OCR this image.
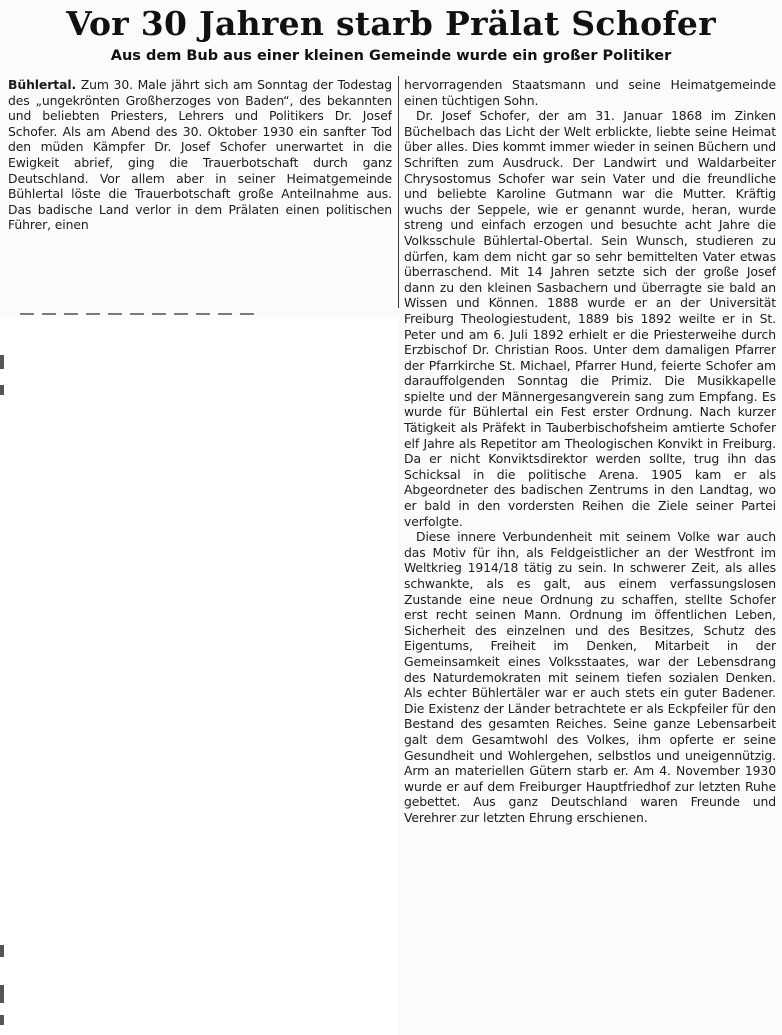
Vor 30 Jahren starb Prälat Schofer
Aus dem Bub aus einer kleinen Gemeinde wurde ein großer Politiker

Bühlertal. Zum 30. Male jährt sich am Sonntag der Todestag des „ungekrönten Großherzoges von Baden“, des bekannten und beliebten Priesters, Lehrers und Politikers Dr. Josef Schofer. Als am Abend des 30. Oktober 1930 ein sanfter Tod den müden Kämpfer Dr. Josef Schofer unerwartet in die Ewigkeit abrief, ging die Trauerbotschaft durch ganz Deutschland. Vor allem aber in seiner Heimatgemeinde Bühlertal löste die Trauerbotschaft große Anteilnahme aus. Das badische Land verlor in dem Prälaten einen politischen Führer, einen

hervorragenden Staatsmann und seine Heimatgemeinde einen tüchtigen Sohn.

Dr. Josef Schofer, der am 31. Januar 1868 im Zinken Büchelbach das Licht der Welt erblickte, liebte seine Heimat über alles. Dies kommt immer wieder in seinen Büchern und Schriften zum Ausdruck. Der Landwirt und Waldarbeiter Chrysostomus Schofer war sein Vater und die freundliche und beliebte Karoline Gutmann war die Mutter. Kräftig wuchs der Seppele, wie er genannt wurde, heran, wurde streng und einfach erzogen und besuchte acht Jahre die Volksschule Bühlertal-Obertal. Sein Wunsch, studieren zu dürfen, kam dem nicht gar so sehr bemittelten Vater etwas überraschend. Mit 14 Jahren setzte sich der große Josef dann zu den kleinen Sasbachern und überragte sie bald an Wissen und Können. 1888 wurde er an der Universität Freiburg Theologiestudent, 1889 bis 1892 weilte er in St. Peter und am 6. Juli 1892 erhielt er die Priesterweihe durch Erzbischof Dr. Christian Roos. Unter dem damaligen Pfarrer der Pfarrkirche St. Michael, Pfarrer Hund, feierte Schofer am darauffolgenden Sonntag die Primiz. Die Musikkapelle spielte und der Männergesangverein sang zum Empfang. Es wurde für Bühlertal ein Fest erster Ordnung. Nach kurzer Tätigkeit als Präfekt in Tauberbischofsheim amtierte Schofer elf Jahre als Repetitor am Theologischen Konvikt in Freiburg. Da er nicht Konviktsdirektor werden sollte, trug ihn das Schicksal in die politische Arena. 1905 kam er als Abgeordneter des badischen Zentrums in den Landtag, wo er bald in den vordersten Reihen die Ziele seiner Partei verfolgte.

Diese innere Verbundenheit mit seinem Volke war auch das Motiv für ihn, als Feldgeistlicher an der Westfront im Weltkrieg 1914/18 tätig zu sein. In schwerer Zeit, als alles schwankte, als es galt, aus einem verfassungslosen Zustande eine neue Ordnung zu schaffen, stellte Schofer erst recht seinen Mann. Ordnung im öffentlichen Leben, Sicherheit des einzelnen und des Besitzes, Schutz des Eigentums, Freiheit im Denken, Mitarbeit in der Gemeinsamkeit eines Volksstaates, war der Lebensdrang des Naturdemokraten mit seinem tiefen sozialen Denken. Als echter Bühlertäler war er auch stets ein guter Badener. Die Existenz der Länder betrachtete er als Eckpfeiler für den Bestand des gesamten Reiches. Seine ganze Lebensarbeit galt dem Gesamtwohl des Volkes, ihm opferte er seine Gesundheit und Wohlergehen, selbstlos und uneigennützig. Arm an materiellen Gütern starb er. Am 4. November 1930 wurde er auf dem Freiburger Hauptfriedhof zur letzten Ruhe gebettet. Aus ganz Deutschland waren Freunde und Verehrer zur letzten Ehrung erschienen.
